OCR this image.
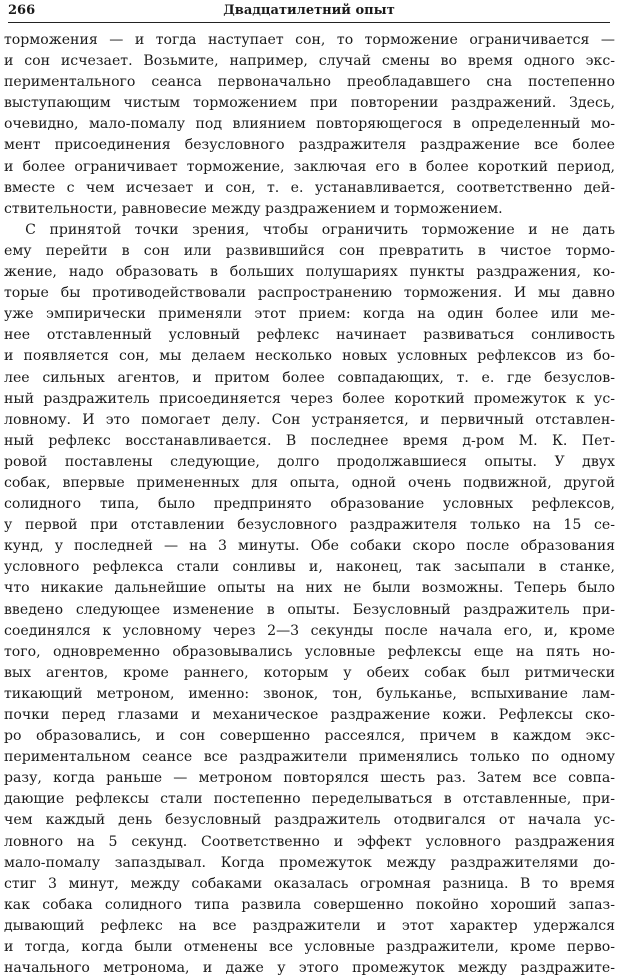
266	Двадцатилетний опыт
торможения — и тогда наступает сон, то торможение ограничивается —
и сон исчезает. Возьмите, например, случай смены во время одного экс-
периментального сеанса первоначально преобладавшего сна постепенно
выступающим чистым торможением при повторении раздражений. Здесь,
очевидно, мало-помалу под влиянием повторяющегося в определенный мо-
мент присоединения безусловного раздражителя раздражение все более
и более ограничивает торможение, заключая его в более короткий период,
вместе с чем исчезает и сон, т. е. устанавливается, соответственно дей-
ствительности, равновесие между раздражением и торможением.
  С принятой точки зрения, чтобы ограничить торможение и не дать
ему перейти в сон или развившийся сон превратить в чистое тормо-
жение, надо образовать в больших полушариях пункты раздражения, ко-
торые бы противодействовали распространению торможения. И мы давно
уже эмпирически применяли этот прием: когда на один более или ме-
нее отставленный условный рефлекс начинает развиваться сонливость
и появляется сон, мы делаем несколько новых условных рефлексов из бо-
лее сильных агентов, и притом более совпадающих, т. е. где безуслов-
ный раздражитель присоединяется через более короткий промежуток к ус-
ловному. И это помогает делу. Сон устраняется, и первичный отставлен-
ный рефлекс восстанавливается. В последнее время д-ром М. К. Пет-
ровой поставлены следующие, долго продолжавшиеся опыты. У двух
собак, впервые примененных для опыта, одной очень подвижной, другой
солидного типа, было предпринято образование условных рефлексов,
у первой при отставлении безусловного раздражителя только на 15 се-
кунд, у последней — на 3 минуты. Обе собаки скоро после образования
условного рефлекса стали сонливы и, наконец, так засыпали в станке,
что никакие дальнейшие опыты на них не были возможны. Теперь было
введено следующее изменение в опыты. Безусловный раздражитель при-
соединялся к условному через 2—3 секунды после начала его, и, кроме
того, одновременно образовывались условные рефлексы еще на пять но-
вых агентов, кроме раннего, которым у обеих собак был ритмически
тикающий метроном, именно: звонок, тон, бульканье, вспыхивание лам-
почки перед глазами и механическое раздражение кожи. Рефлексы ско-
ро образовались, и сон совершенно рассеялся, причем в каждом экс-
периментальном сеансе все раздражители применялись только по одному
разу, когда раньше — метроном повторялся шесть раз. Затем все совпа-
дающие рефлексы стали постепенно переделываться в отставленные, при-
чем каждый день безусловный раздражитель отодвигался от начала ус-
ловного на 5 секунд. Соответственно и эффект условного раздражения
мало-помалу запаздывал. Когда промежуток между раздражителями до-
стиг 3 минут, между собаками оказалась огромная разница. В то время
как собака солидного типа развила совершенно покойно хороший запаз-
дывающий рефлекс на все раздражители и этот характер удержался
и тогда, когда были отменены все условные раздражители, кроме перво-
начального метронома, и даже у этого промежуток между раздражите-
